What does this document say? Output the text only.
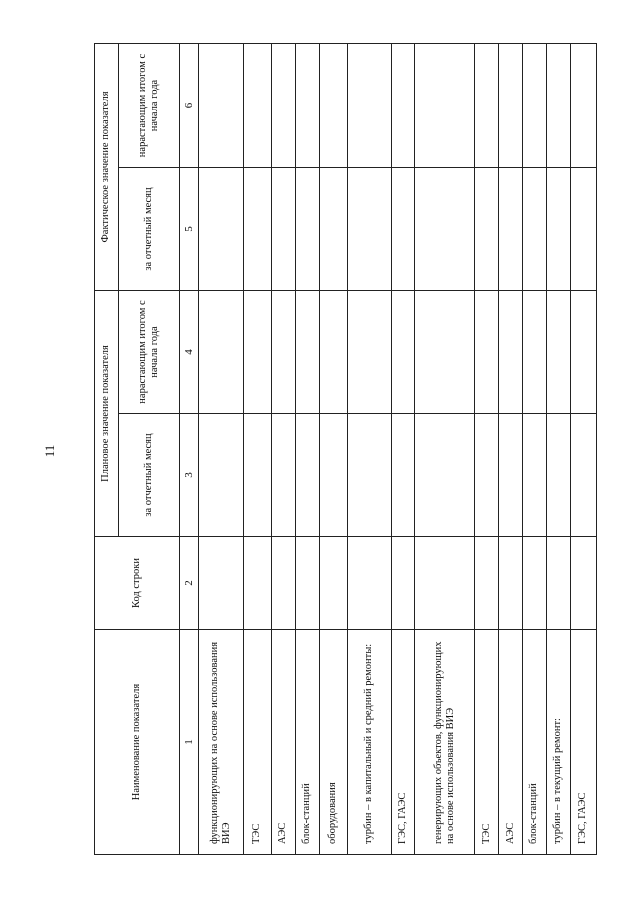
11
Наименование показателя	Код строки	Плановое значение показателя		Фактическое значение показателя	
		за отчетный месяц	нарастающим итогом с начала года	за отчетный месяц	нарастающим итогом с начала года
1	2	3	4	5	6
функционирующих на основе использования ВИЭ					
ТЭС					
АЭС					
блок-станций					
оборудования					
турбин – в капитальный и средний ремонты:					
ГЭС, ГАЭС					
генерирующих объектов, функционирующих на основе использования ВИЭ					
ТЭС					
АЭС					
блок-станций					
турбин – в текущий ремонт:					
ГЭС, ГАЭС					
